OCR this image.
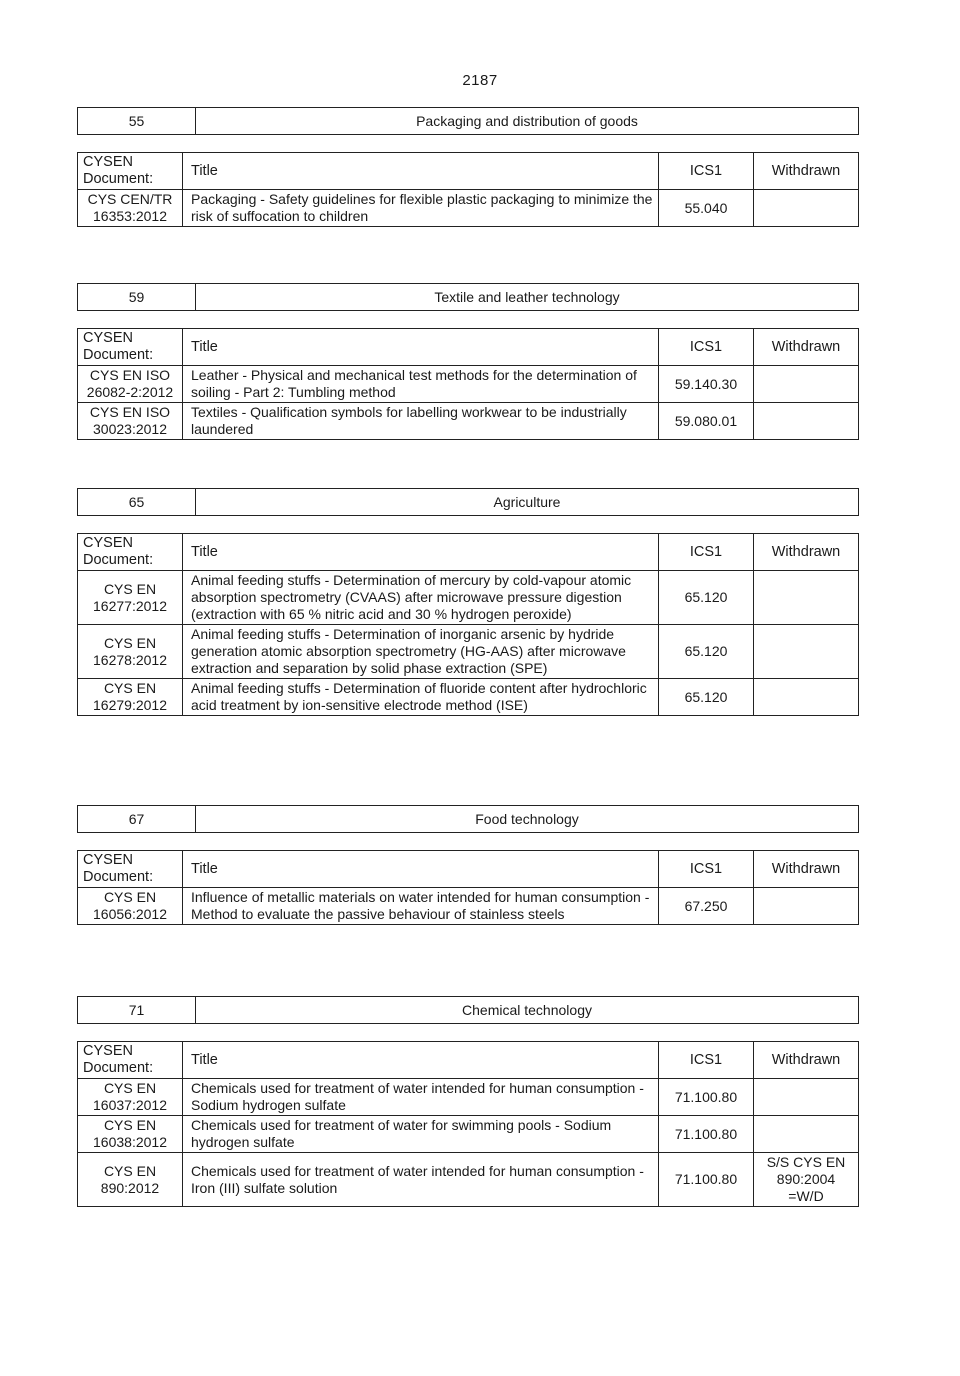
2187
55	Packaging and distribution of goods
CYSEN Document:	Title	ICS1	Withdrawn
CYS CEN/TR 16353:2012	Packaging - Safety guidelines for flexible plastic packaging to minimize the risk of suffocation to children	55.040	
59	Textile and leather technology
CYSEN Document:	Title	ICS1	Withdrawn
CYS EN ISO 26082-2:2012	Leather - Physical and mechanical test methods for the determination of soiling - Part 2: Tumbling method	59.140.30	
CYS EN ISO 30023:2012	Textiles - Qualification symbols for labelling workwear to be industrially laundered	59.080.01	
65	Agriculture
CYSEN Document:	Title	ICS1	Withdrawn
CYS EN 16277:2012	Animal feeding stuffs - Determination of mercury by cold-vapour atomic absorption spectrometry (CVAAS) after microwave pressure digestion (extraction with 65 % nitric acid and 30 % hydrogen peroxide)	65.120	
CYS EN 16278:2012	Animal feeding stuffs - Determination of inorganic arsenic by hydride generation atomic absorption spectrometry (HG-AAS) after microwave extraction and separation by solid phase extraction (SPE)	65.120	
CYS EN 16279:2012	Animal feeding stuffs - Determination of fluoride content after hydrochloric acid treatment by ion-sensitive electrode method (ISE)	65.120	
67	Food technology
CYSEN Document:	Title	ICS1	Withdrawn
CYS EN 16056:2012	Influence of metallic materials on water intended for human consumption - Method to evaluate the passive behaviour of stainless steels	67.250	
71	Chemical technology
CYSEN Document:	Title	ICS1	Withdrawn
CYS EN 16037:2012	Chemicals used for treatment of water intended for human consumption - Sodium hydrogen sulfate	71.100.80	
CYS EN 16038:2012	Chemicals used for treatment of water for swimming pools - Sodium hydrogen sulfate	71.100.80	
CYS EN 890:2012	Chemicals used for treatment of water intended for human consumption - Iron (III) sulfate solution	71.100.80	S/S CYS EN 890:2004 =W/D
